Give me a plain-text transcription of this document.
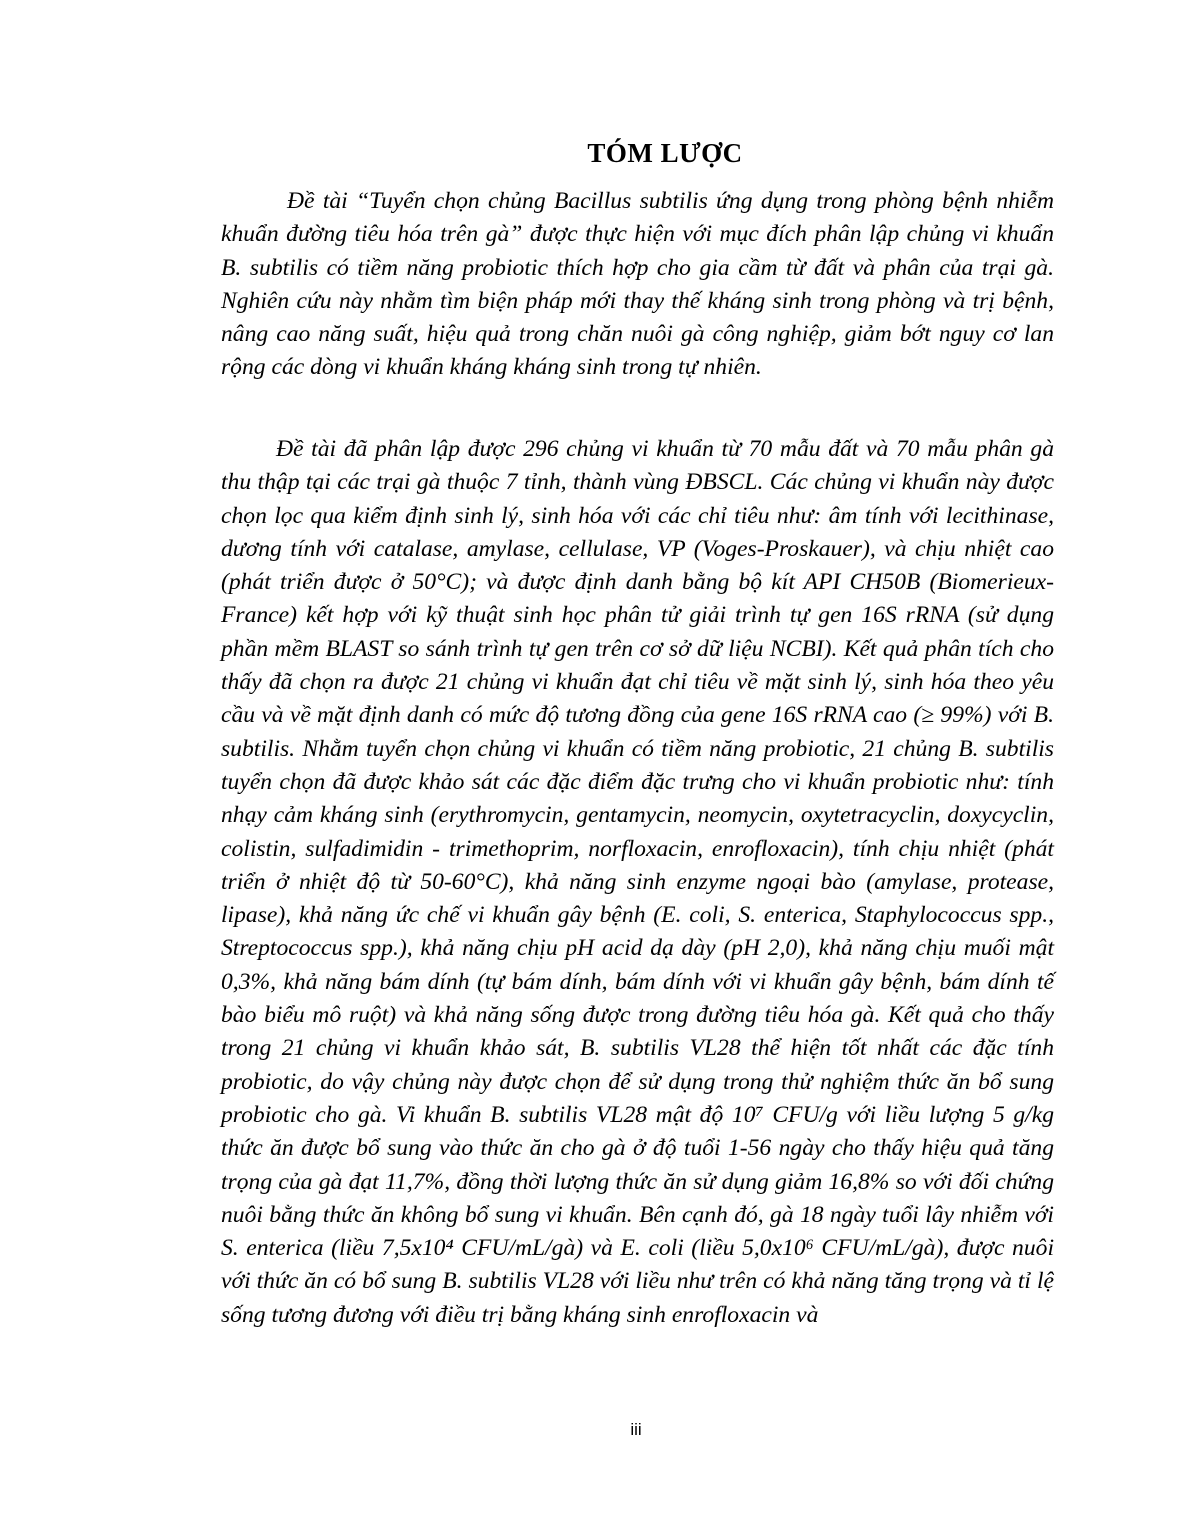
TÓM LƯỢC

Đề tài “Tuyển chọn chủng Bacillus subtilis ứng dụng trong phòng bệnh nhiễm khuẩn đường tiêu hóa trên gà” được thực hiện với mục đích phân lập chủng vi khuẩn B. subtilis có tiềm năng probiotic thích hợp cho gia cầm từ đất và phân của trại gà. Nghiên cứu này nhằm tìm biện pháp mới thay thế kháng sinh trong phòng và trị bệnh, nâng cao năng suất, hiệu quả trong chăn nuôi gà công nghiệp, giảm bớt nguy cơ lan rộng các dòng vi khuẩn kháng kháng sinh trong tự nhiên.

Đề tài đã phân lập được 296 chủng vi khuẩn từ 70 mẫu đất và 70 mẫu phân gà thu thập tại các trại gà thuộc 7 tỉnh, thành vùng ĐBSCL. Các chủng vi khuẩn này được chọn lọc qua kiểm định sinh lý, sinh hóa với các chỉ tiêu như: âm tính với lecithinase, dương tính với catalase, amylase, cellulase, VP (Voges-Proskauer), và chịu nhiệt cao (phát triển được ở 50°C); và được định danh bằng bộ kít API CH50B (Biomerieux-France) kết hợp với kỹ thuật sinh học phân tử giải trình tự gen 16S rRNA (sử dụng phần mềm BLAST so sánh trình tự gen trên cơ sở dữ liệu NCBI). Kết quả phân tích cho thấy đã chọn ra được 21 chủng vi khuẩn đạt chỉ tiêu về mặt sinh lý, sinh hóa theo yêu cầu và về mặt định danh có mức độ tương đồng của gene 16S rRNA cao (≥ 99%) với B. subtilis. Nhằm tuyển chọn chủng vi khuẩn có tiềm năng probiotic, 21 chủng B. subtilis tuyển chọn đã được khảo sát các đặc điểm đặc trưng cho vi khuẩn probiotic như: tính nhạy cảm kháng sinh (erythromycin, gentamycin, neomycin, oxytetracyclin, doxycyclin, colistin, sulfadimidin - trimethoprim, norfloxacin, enrofloxacin), tính chịu nhiệt (phát triển ở nhiệt độ từ 50-60°C), khả năng sinh enzyme ngoại bào (amylase, protease, lipase), khả năng ức chế vi khuẩn gây bệnh (E. coli, S. enterica, Staphylococcus spp., Streptococcus spp.), khả năng chịu pH acid dạ dày (pH 2,0), khả năng chịu muối mật 0,3%, khả năng bám dính (tự bám dính, bám dính với vi khuẩn gây bệnh, bám dính tế bào biểu mô ruột) và khả năng sống được trong đường tiêu hóa gà. Kết quả cho thấy trong 21 chủng vi khuẩn khảo sát, B. subtilis VL28 thể hiện tốt nhất các đặc tính probiotic, do vậy chủng này được chọn để sử dụng trong thử nghiệm thức ăn bổ sung probiotic cho gà. Vi khuẩn B. subtilis VL28 mật độ 10⁷ CFU/g với liều lượng 5 g/kg thức ăn được bổ sung vào thức ăn cho gà ở độ tuổi 1-56 ngày cho thấy hiệu quả tăng trọng của gà đạt 11,7%, đồng thời lượng thức ăn sử dụng giảm 16,8% so với đối chứng nuôi bằng thức ăn không bổ sung vi khuẩn. Bên cạnh đó, gà 18 ngày tuổi lây nhiễm với S. enterica (liều 7,5x10⁴ CFU/mL/gà) và E. coli (liều 5,0x10⁶ CFU/mL/gà), được nuôi với thức ăn có bổ sung B. subtilis VL28 với liều như trên có khả năng tăng trọng và tỉ lệ sống tương đương với điều trị bằng kháng sinh enrofloxacin và

iii
